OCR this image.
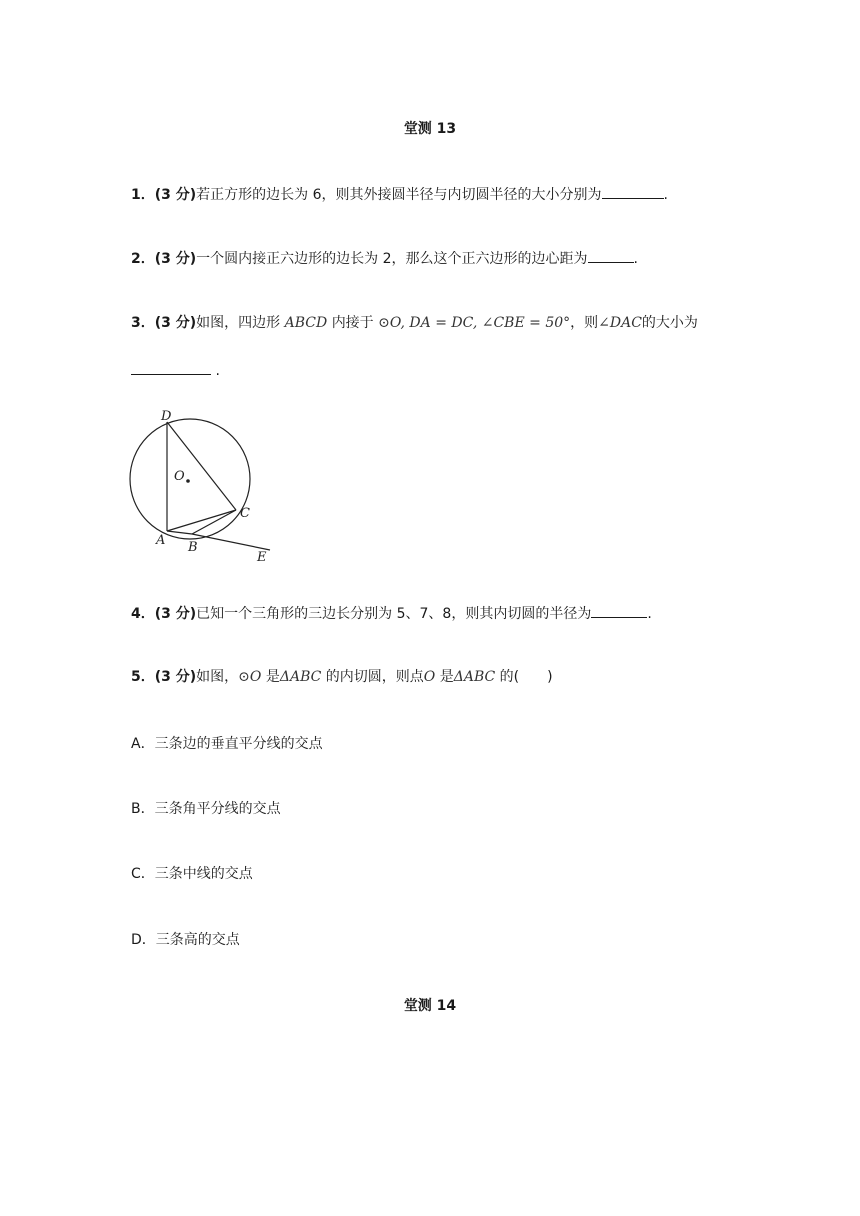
堂测 13
1．(3 分)若正方形的边长为 6，则其外接圆半径与内切圆半径的大小分别为	.
2．(3 分)一个圆内接正六边形的边长为 2，那么这个正六边形的边心距为	.
3．(3 分)如图，四边形 ABCD 内接于 ⊙O, DA = DC, ∠CBE = 50°，则∠DAC的大小为
.
D
O
C
A B
E
4．(3 分)已知一个三角形的三边长分别为 5、7、8，则其内切圆的半径为	.
5．(3 分)如图，⊙O 是ΔABC 的内切圆，则点O 是ΔABC 的(　　)
A．三条边的垂直平分线的交点
B．三条角平分线的交点
C．三条中线的交点
D．三条高的交点
堂测 14
